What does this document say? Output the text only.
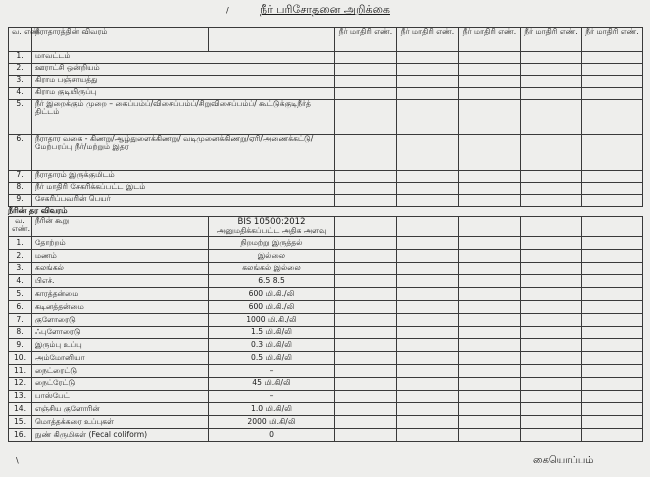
நீர் பரிசோதனை அறிக்கை
/
வ. எண்	நீராதாரத்தின் விவரம்		நீர் மாதிரி எண்.	நீர் மாதிரி எண்.	நீர் மாதிரி எண்.	நீர் மாதிரி எண்.	நீர் மாதிரி எண்.
1.	மாவட்டம்						
2.	ஊராட்சி ஒன்றியம்						
3.	கிராம பஞ்சாயத்து						
4.	கிராம குடியிருப்பு						
5.	நீர் இறைக்கும் முறை – கைப்பம்ப்/விசைப்பம்ப்/சிறுவிசைப்பம்ப்/ கூட்டுக்குடிநீர்த் திட்டம்						
6.	நீராதார வகை - கிணறு/ஆழ்துளைக்கிணறு/ வடிமுனைக்கிணறு/ஏரி/அணைக்கட்டு/ மேற்பரப்பு நீர்/மற்றும் இதர						
7.	நீராதாரம் இருக்குமிடம்						
8.	நீர் மாதிரி சேகரிக்கப்பட்ட இடம்						
9.	சேகரிப்பவரின் பெயர்						
நீரின் தர விவரம்
வ. எண்.	நீரின் கூறு	BIS 10500:2012
அனுமதிக்கப்பட்ட அதிக அளவு					

1.	தோற்றம்	நிறமற்று இருத்தல்					
2.	மணம்	இல்லை					
3.	கலங்கல்	கலங்கல் இல்லை					
4.	பிஎச்.	6.5 8.5					
5.	காரத்தன்மை	600 மி.கி./லி					
6.	கடினத்தன்மை	600 மி.கி./லி					
7.	குளோரைடு	1000 மி.கி./லி					
8.	ஃபுளோரைடு	1.5 மி.கி/லி					
9.	இரும்பு உப்பு	0.3 மி.கி/லி					
10.	அம்மோனியா	0.5 மி.கி/லி					
11.	நைட்ரைட்டு	–					
12.	நைட்ரேட்டு	45 மி.கி/லி					
13.	பாஸ்பேட்	–					
14.	எஞ்சிய குளோரின்	1.0 மி.கி/லி					
15.	மொத்தக்கரை உப்புகள்	2000 மி.கி/லி					
16.	நுண் கிருமிகள் (Fecal coliform)	0					
கையொப்பம்
\
